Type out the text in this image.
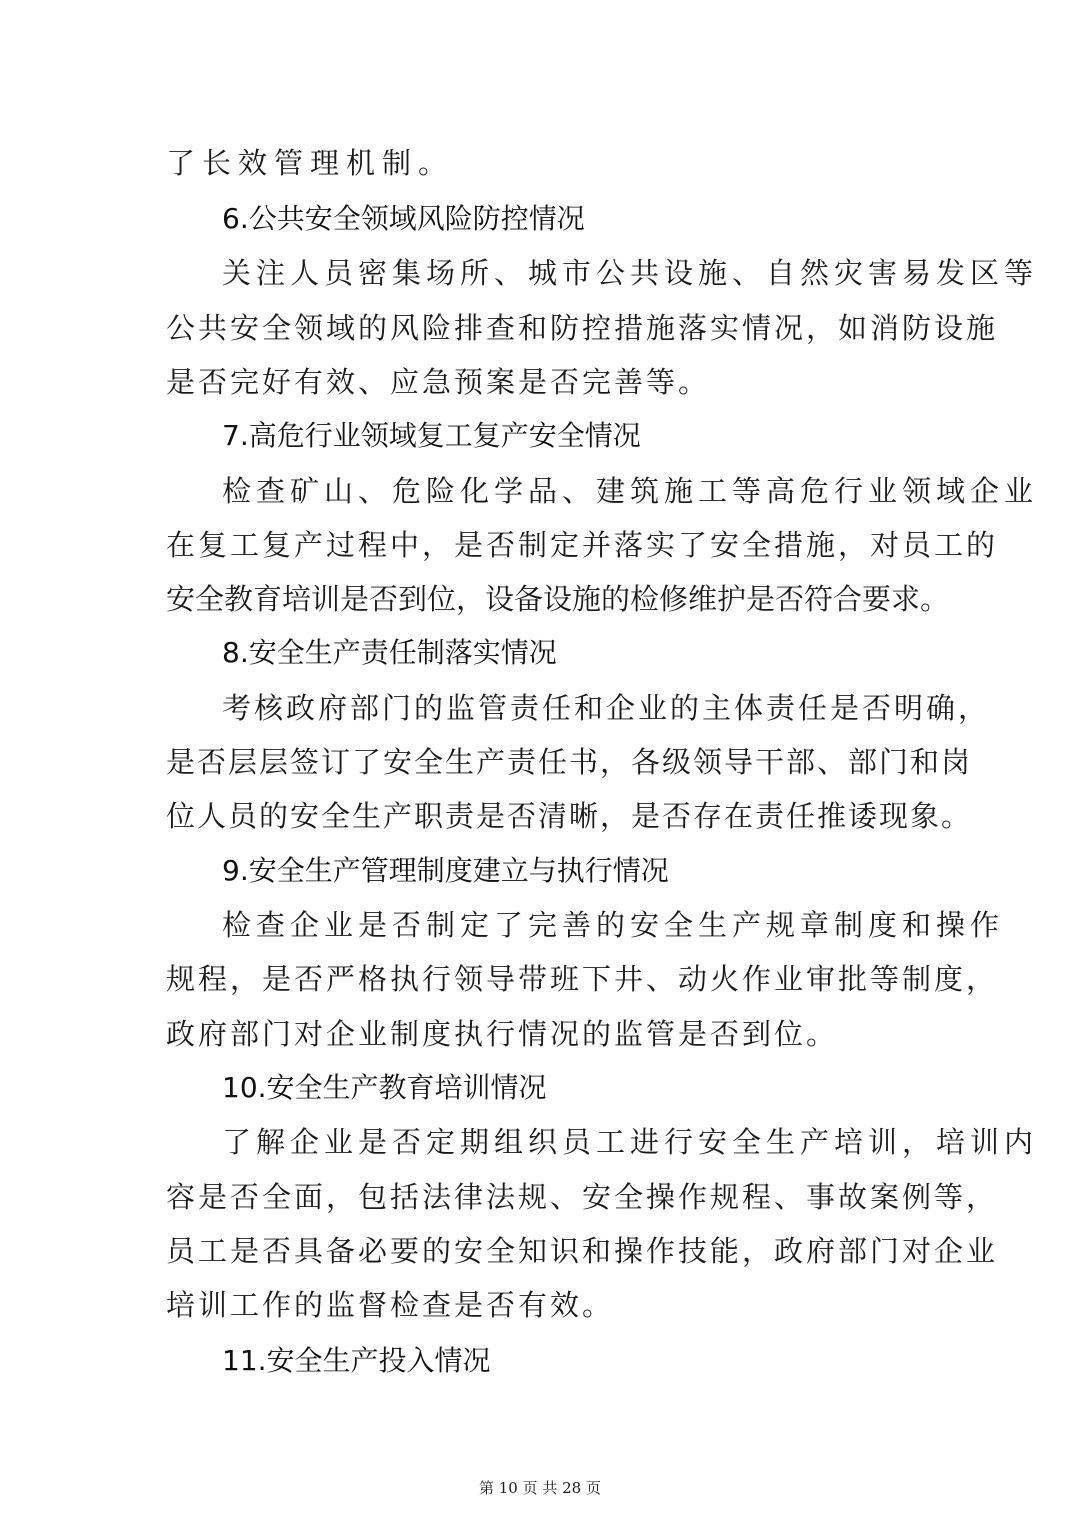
了长效管理机制。
6.公共安全领域风险防控情况
关注人员密集场所、城市公共设施、自然灾害易发区等
公共安全领域的风险排查和防控措施落实情况，如消防设施
是否完好有效、应急预案是否完善等。
7.高危行业领域复工复产安全情况
检查矿山、危险化学品、建筑施工等高危行业领域企业
在复工复产过程中，是否制定并落实了安全措施，对员工的
安全教育培训是否到位，设备设施的检修维护是否符合要求。
8.安全生产责任制落实情况
考核政府部门的监管责任和企业的主体责任是否明确，
是否层层签订了安全生产责任书，各级领导干部、部门和岗
位人员的安全生产职责是否清晰，是否存在责任推诿现象。
9.安全生产管理制度建立与执行情况
检查企业是否制定了完善的安全生产规章制度和操作
规程，是否严格执行领导带班下井、动火作业审批等制度，
政府部门对企业制度执行情况的监管是否到位。
10.安全生产教育培训情况
了解企业是否定期组织员工进行安全生产培训，培训内
容是否全面，包括法律法规、安全操作规程、事故案例等，
员工是否具备必要的安全知识和操作技能，政府部门对企业
培训工作的监督检查是否有效。
11.安全生产投入情况
第 10 页 共 28 页
